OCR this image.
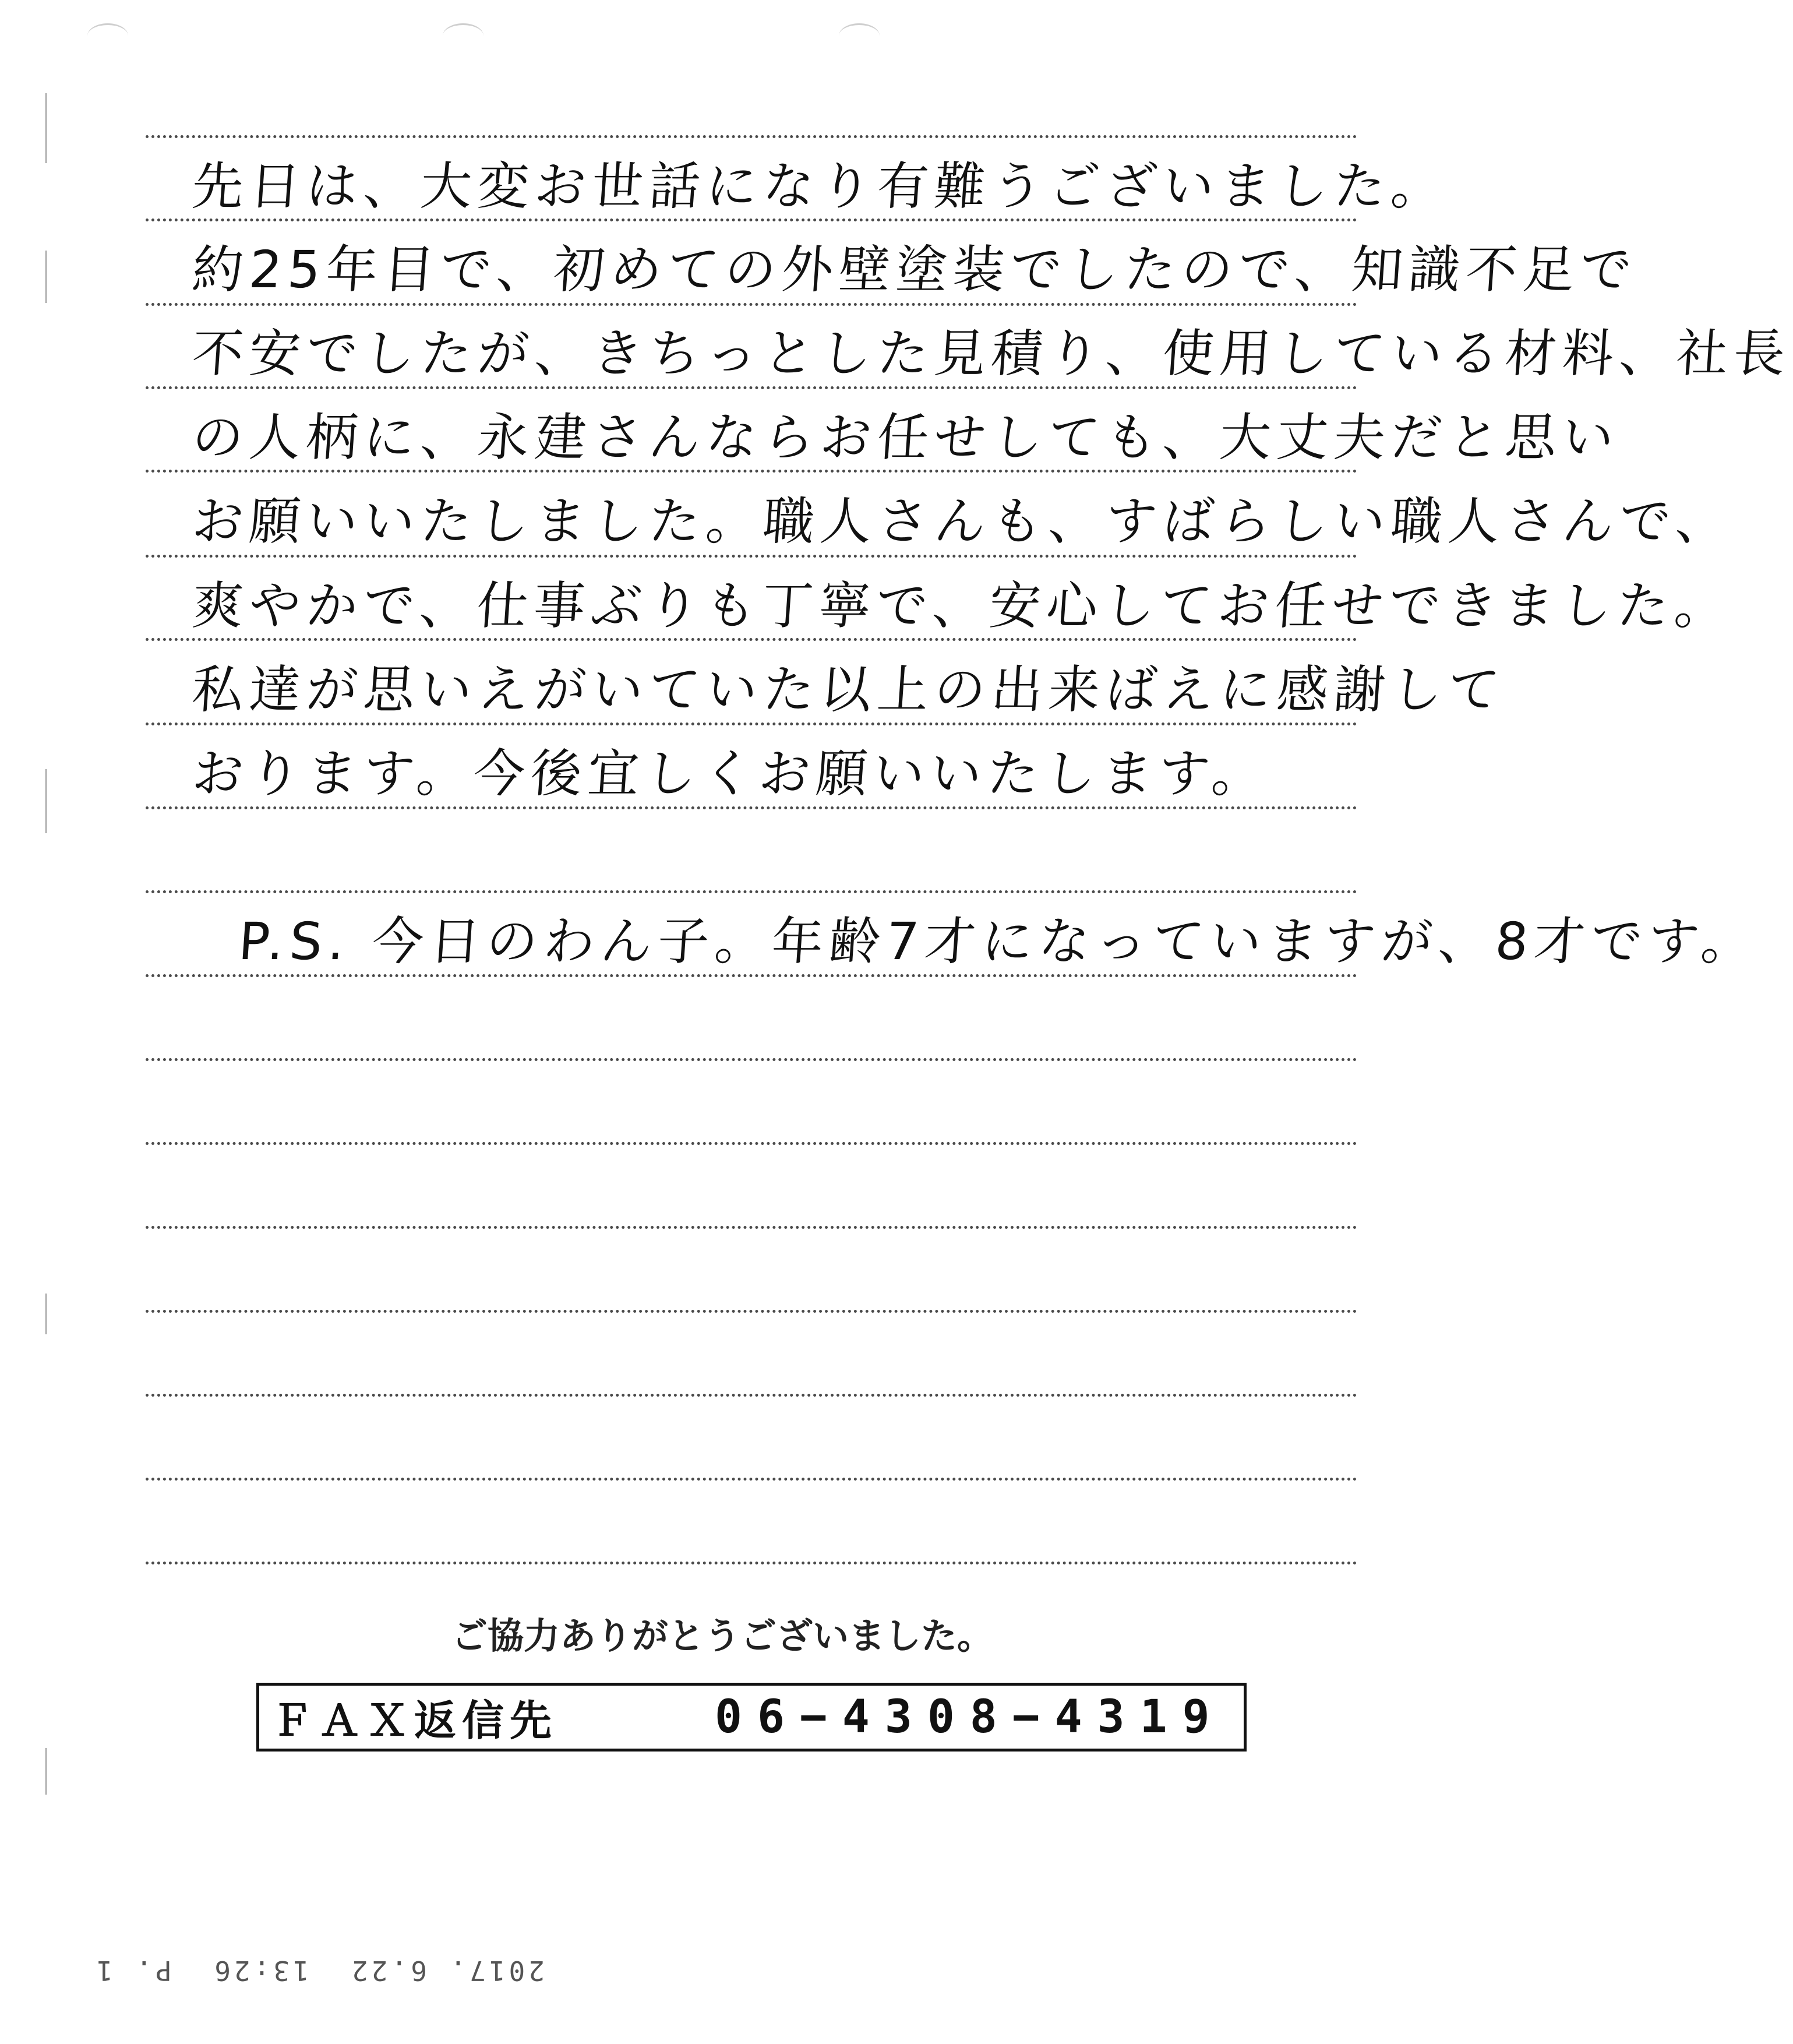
先日は、大変お世話になり有難うございました。
約25年目で、初めての外壁塗装でしたので、知識不足で
不安でしたが、きちっとした見積り、使用している材料、社長
の人柄に、永建さんならお任せしても、大丈夫だと思い
お願いいたしました。職人さんも、すばらしい職人さんで、
爽やかで、仕事ぶりも丁寧で、安心してお任せできました。
私達が思いえがいていた以上の出来ばえに感謝して
おります。今後宜しくお願いいたします。
P.S. 今日のわん子。年齢7才になっていますが、8才です。
ご協力ありがとうございました。
ＦＡＸ返信先	06−4308−4319
2017. 6.22  13:26  P. 1
